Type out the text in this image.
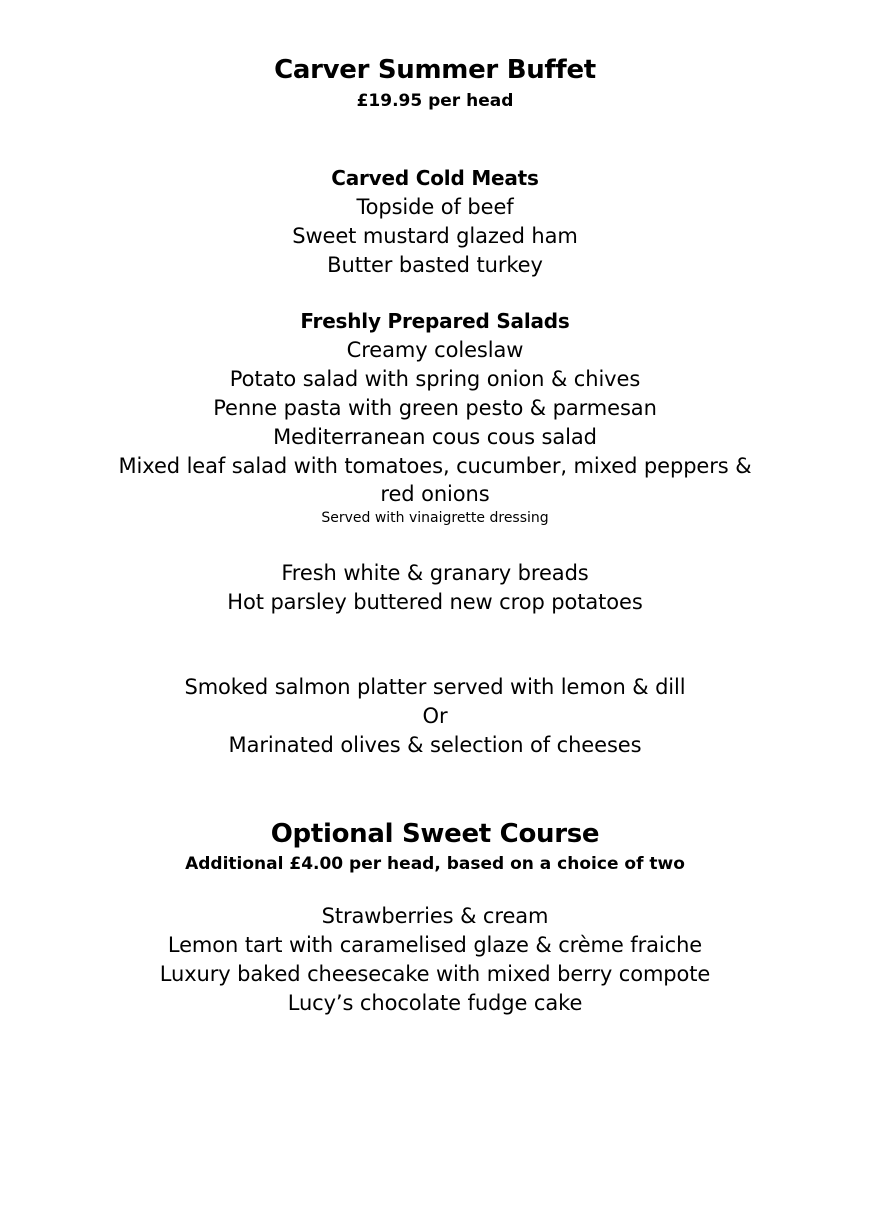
Carver Summer Buffet
£19.95 per head
Carved Cold Meats
Topside of beef
Sweet mustard glazed ham
Butter basted turkey
Freshly Prepared Salads
Creamy coleslaw
Potato salad with spring onion & chives
Penne pasta with green pesto & parmesan
Mediterranean cous cous salad
Mixed leaf salad with tomatoes, cucumber, mixed peppers &
red onions
Served with vinaigrette dressing
Fresh white & granary breads
Hot parsley buttered new crop potatoes
Smoked salmon platter served with lemon & dill
Or
Marinated olives & selection of cheeses
Optional Sweet Course
Additional £4.00 per head, based on a choice of two
Strawberries & cream
Lemon tart with caramelised glaze & crème fraiche
Luxury baked cheesecake with mixed berry compote
Lucy’s chocolate fudge cake
